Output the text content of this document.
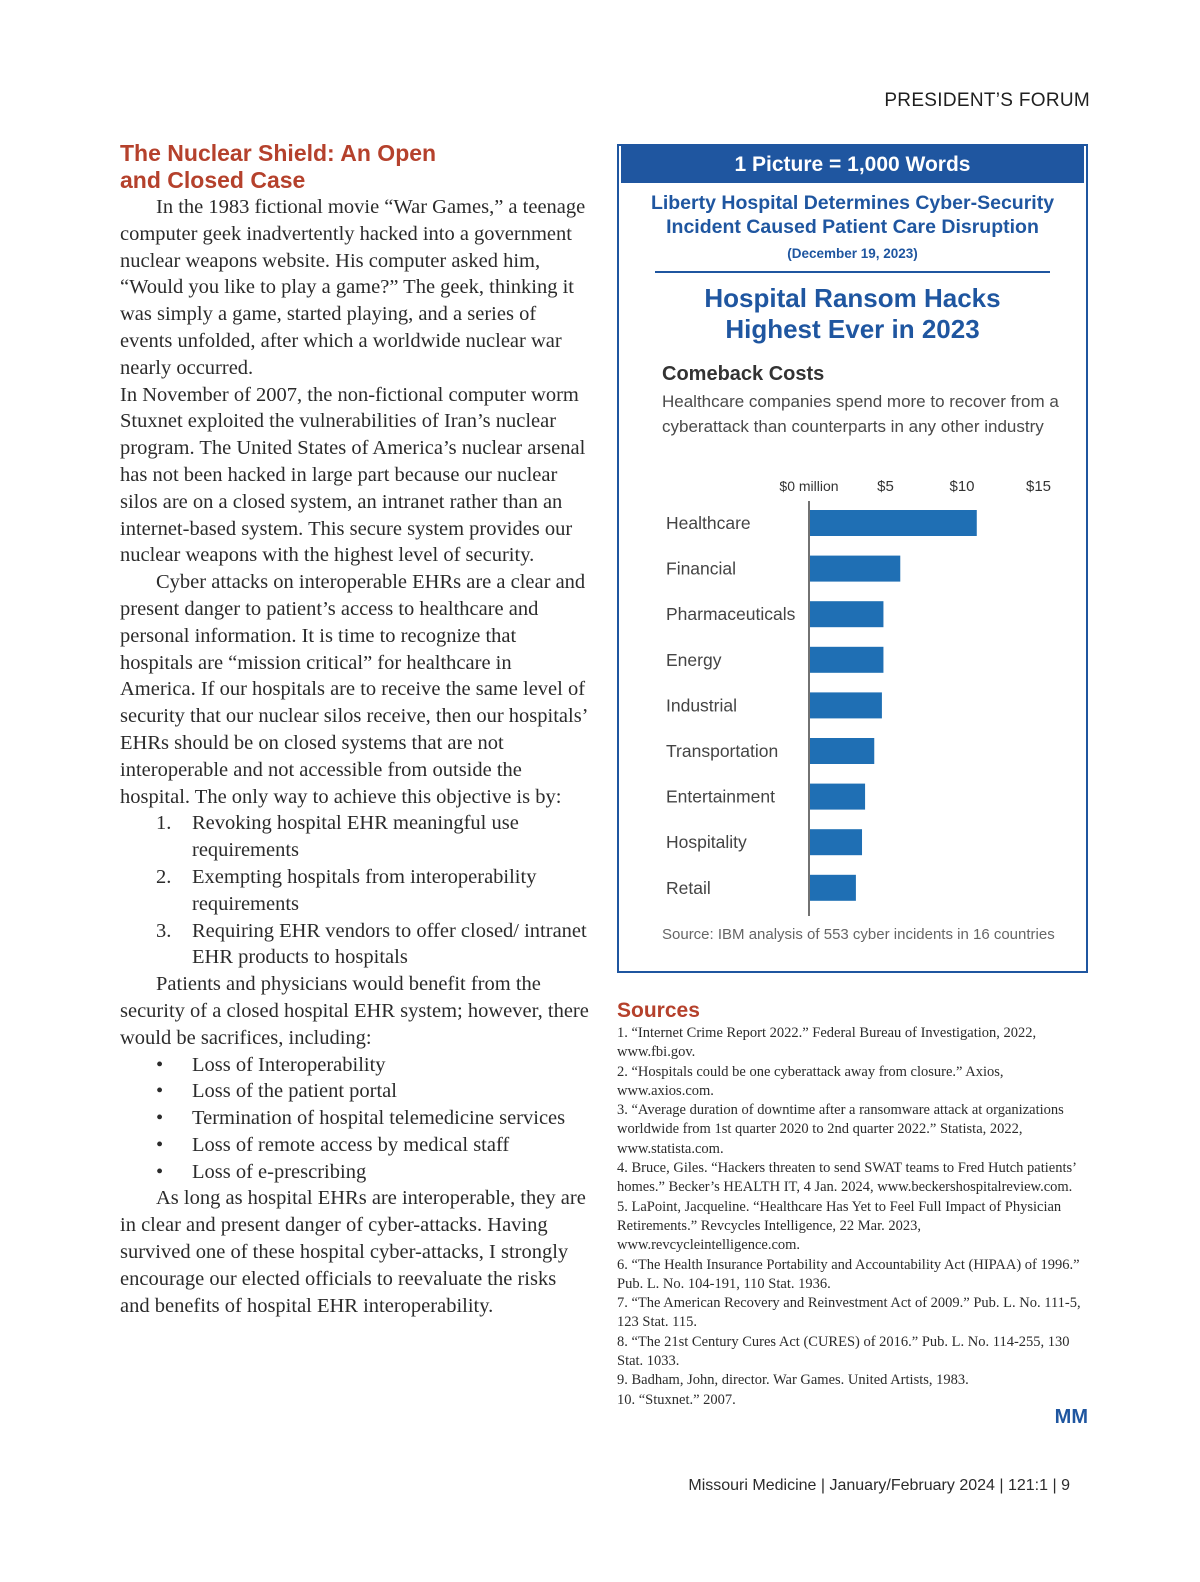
PRESIDENT’S FORUM
The Nuclear Shield: An Open
and Closed Case

In the 1983 fictional movie “War Games,” a teenage computer geek inadvertently hacked into a government nuclear weapons website. His computer asked him, “Would you like to play a game?” The geek, thinking it was simply a game, started playing, and a series of events unfolded, after which a worldwide nuclear war nearly occurred.

In November of 2007, the non-fictional computer worm Stuxnet exploited the vulnerabilities of Iran’s nuclear program. The United States of America’s nuclear arsenal has not been hacked in large part because our nuclear silos are on a closed system, an intranet rather than an internet-based system. This secure system provides our nuclear weapons with the highest level of security.

Cyber attacks on interoperable EHRs are a clear and present danger to patient’s access to healthcare and personal information. It is time to recognize that hospitals are “mission critical” for healthcare in America. If our hospitals are to receive the same level of security that our nuclear silos receive, then our hospitals’ EHRs should be on closed systems that are not interoperable and not accessible from outside the hospital. The only way to achieve this objective is by:

1. Revoking hospital EHR meaningful use requirements
2. Exempting hospitals from interoperability requirements
3. Requiring EHR vendors to offer closed/ intranet EHR products to hospitals

Patients and physicians would benefit from the security of a closed hospital EHR system; however, there would be sacrifices, including:

• Loss of Interoperability
• Loss of the patient portal
• Termination of hospital telemedicine services
• Loss of remote access by medical staff
• Loss of e-prescribing

As long as hospital EHRs are interoperable, they are in clear and present danger of cyber-attacks. Having survived one of these hospital cyber-attacks, I strongly encourage our elected officials to reevaluate the risks and benefits of hospital EHR interoperability.

1 Picture = 1,000 Words
Liberty Hospital Determines Cyber-Security
Incident Caused Patient Care Disruption
(December 19, 2023)
Hospital Ransom Hacks
Highest Ever in 2023
Comeback Costs
Healthcare companies spend more to recover from a cyberattack than counterparts in any other industry
$0 million	$5	$10	$15
Healthcare
Financial
Pharmaceuticals
Energy
Industrial
Transportation
Entertainment
Hospitality
Retail
Source: IBM analysis of 553 cyber incidents in 16 countries
Sources

1. “Internet Crime Report 2022.” Federal Bureau of Investigation, 2022, www.fbi.gov.

2. “Hospitals could be one cyberattack away from closure.” Axios, www.axios.com.

3. “Average duration of downtime after a ransomware attack at organizations worldwide from 1st quarter 2020 to 2nd quarter 2022.” Statista, 2022, www.statista.com.

4. Bruce, Giles. “Hackers threaten to send SWAT teams to Fred Hutch patients’ homes.” Becker’s HEALTH IT, 4 Jan. 2024, www.beckershospitalreview.com.

5. LaPoint, Jacqueline. “Healthcare Has Yet to Feel Full Impact of Physician Retirements.” Revcycles Intelligence, 22 Mar. 2023, www.revcycleintelligence.com.

6. “The Health Insurance Portability and Accountability Act (HIPAA) of 1996.” Pub. L. No. 104-191, 110 Stat. 1936.

7. “The American Recovery and Reinvestment Act of 2009.” Pub. L. No. 111-5, 123 Stat. 115.

8. “The 21st Century Cures Act (CURES) of 2016.” Pub. L. No. 114-255, 130 Stat. 1033.

9. Badham, John, director. War Games. United Artists, 1983.

10. “Stuxnet.” 2007.

MM
Missouri Medicine | January/February 2024 | 121:1 | 9
